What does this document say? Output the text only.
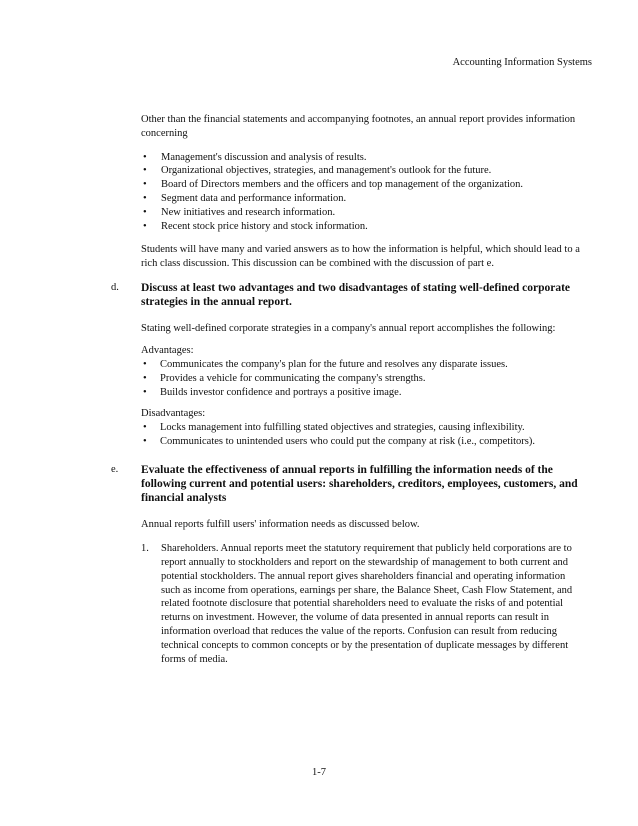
Accounting Information Systems

Other than the financial statements and accompanying footnotes, an annual report provides information concerning

• Management's discussion and analysis of results.
• Organizational objectives, strategies, and management's outlook for the future.
• Board of Directors members and the officers and top management of the organization.
• Segment data and performance information.
• New initiatives and research information.
• Recent stock price history and stock information.

Students will have many and varied answers as to how the information is helpful, which should lead to a rich class discussion. This discussion can be combined with the discussion of part e.

d. Discuss at least two advantages and two disadvantages of stating well-defined corporate strategies in the annual report.

Stating well-defined corporate strategies in a company's annual report accomplishes the following:

Advantages:

• Communicates the company's plan for the future and resolves any disparate issues.
• Provides a vehicle for communicating the company's strengths.
• Builds investor confidence and portrays a positive image.

Disadvantages:

• Locks management into fulfilling stated objectives and strategies, causing inflexibility.
• Communicates to unintended users who could put the company at risk (i.e., competitors).
e. Evaluate the effectiveness of annual reports in fulfilling the information needs of the following current and potential users: shareholders, creditors, employees, customers, and financial analysts

Annual reports fulfill users' information needs as discussed below.

1. Shareholders. Annual reports meet the statutory requirement that publicly held corporations are to report annually to stockholders and report on the stewardship of management to both current and potential stockholders. The annual report gives shareholders financial and operating information such as income from operations, earnings per share, the Balance Sheet, Cash Flow Statement, and related footnote disclosure that potential shareholders need to evaluate the risks of and potential returns on investment. However, the volume of data presented in annual reports can result in information overload that reduces the value of the reports. Confusion can result from reducing technical concepts to common concepts or by the presentation of duplicate messages by different forms of media.
1-7
